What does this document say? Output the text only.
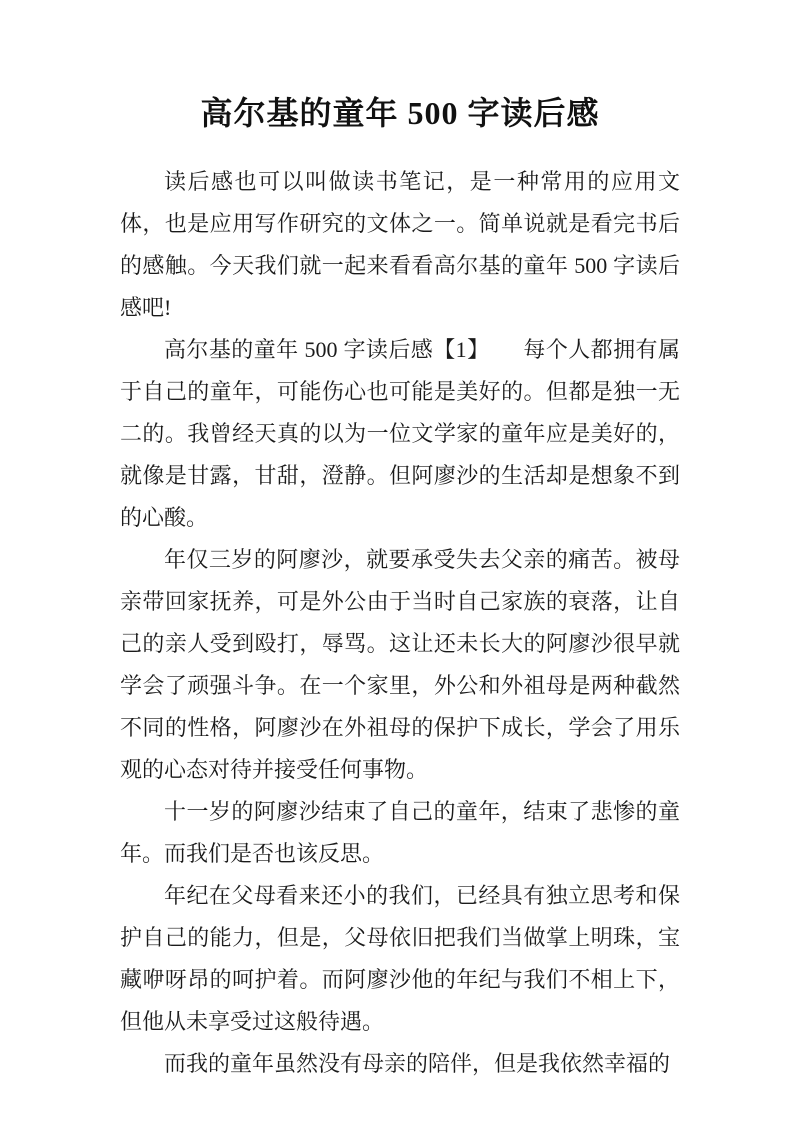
高尔基的童年 500 字读后感

读后感也可以叫做读书笔记，是一种常用的应用文体，也是应用写作研究的文体之一。简单说就是看完书后的感触。今天我们就一起来看看高尔基的童年 500 字读后感吧!

高尔基的童年 500 字读后感【1】　　每个人都拥有属于自己的童年，可能伤心也可能是美好的。但都是独一无二的。我曾经天真的以为一位文学家的童年应是美好的，就像是甘露，甘甜，澄静。但阿廖沙的生活却是想象不到的心酸。

年仅三岁的阿廖沙，就要承受失去父亲的痛苦。被母亲带回家抚养，可是外公由于当时自己家族的衰落，让自己的亲人受到殴打，辱骂。这让还未长大的阿廖沙很早就学会了顽强斗争。在一个家里，外公和外祖母是两种截然不同的性格，阿廖沙在外祖母的保护下成长，学会了用乐观的心态对待并接受任何事物。

十一岁的阿廖沙结束了自己的童年，结束了悲惨的童年。而我们是否也该反思。

年纪在父母看来还小的我们，已经具有独立思考和保护自己的能力，但是，父母依旧把我们当做掌上明珠，宝藏咿呀昂的呵护着。而阿廖沙他的年纪与我们不相上下，但他从未享受过这般待遇。

而我的童年虽然没有母亲的陪伴，但是我依然幸福的
